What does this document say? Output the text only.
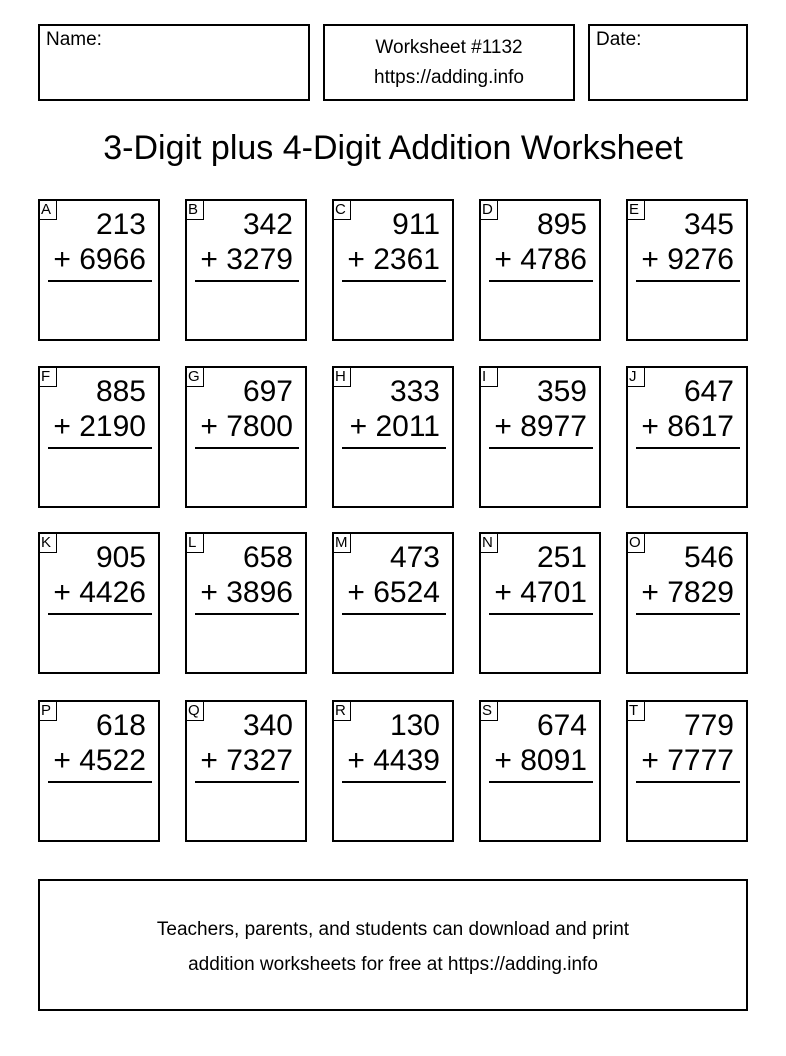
Name:	Worksheet #1132
https://adding.info
Date:
3-Digit plus 4-Digit Addition Worksheet
A 213
+ 6966
B 342
+ 3279
C 911
+ 2361
D 895
+ 4786
E 345
+ 9276
F 885
+ 2190
G 697
+ 7800
H 333
+ 2011
I	359
+ 8977
J 647
+ 8617
K 905
+ 4426
L 658
+ 3896
M 473
+ 6524
N 251
+ 4701
O 546
+ 7829
P 618
+ 4522
Q 340
+ 7327
R 130
+ 4439
S 674
+ 8091
T 779
+ 7777
Teachers, parents, and students can download and print
addition worksheets for free at https://adding.info
